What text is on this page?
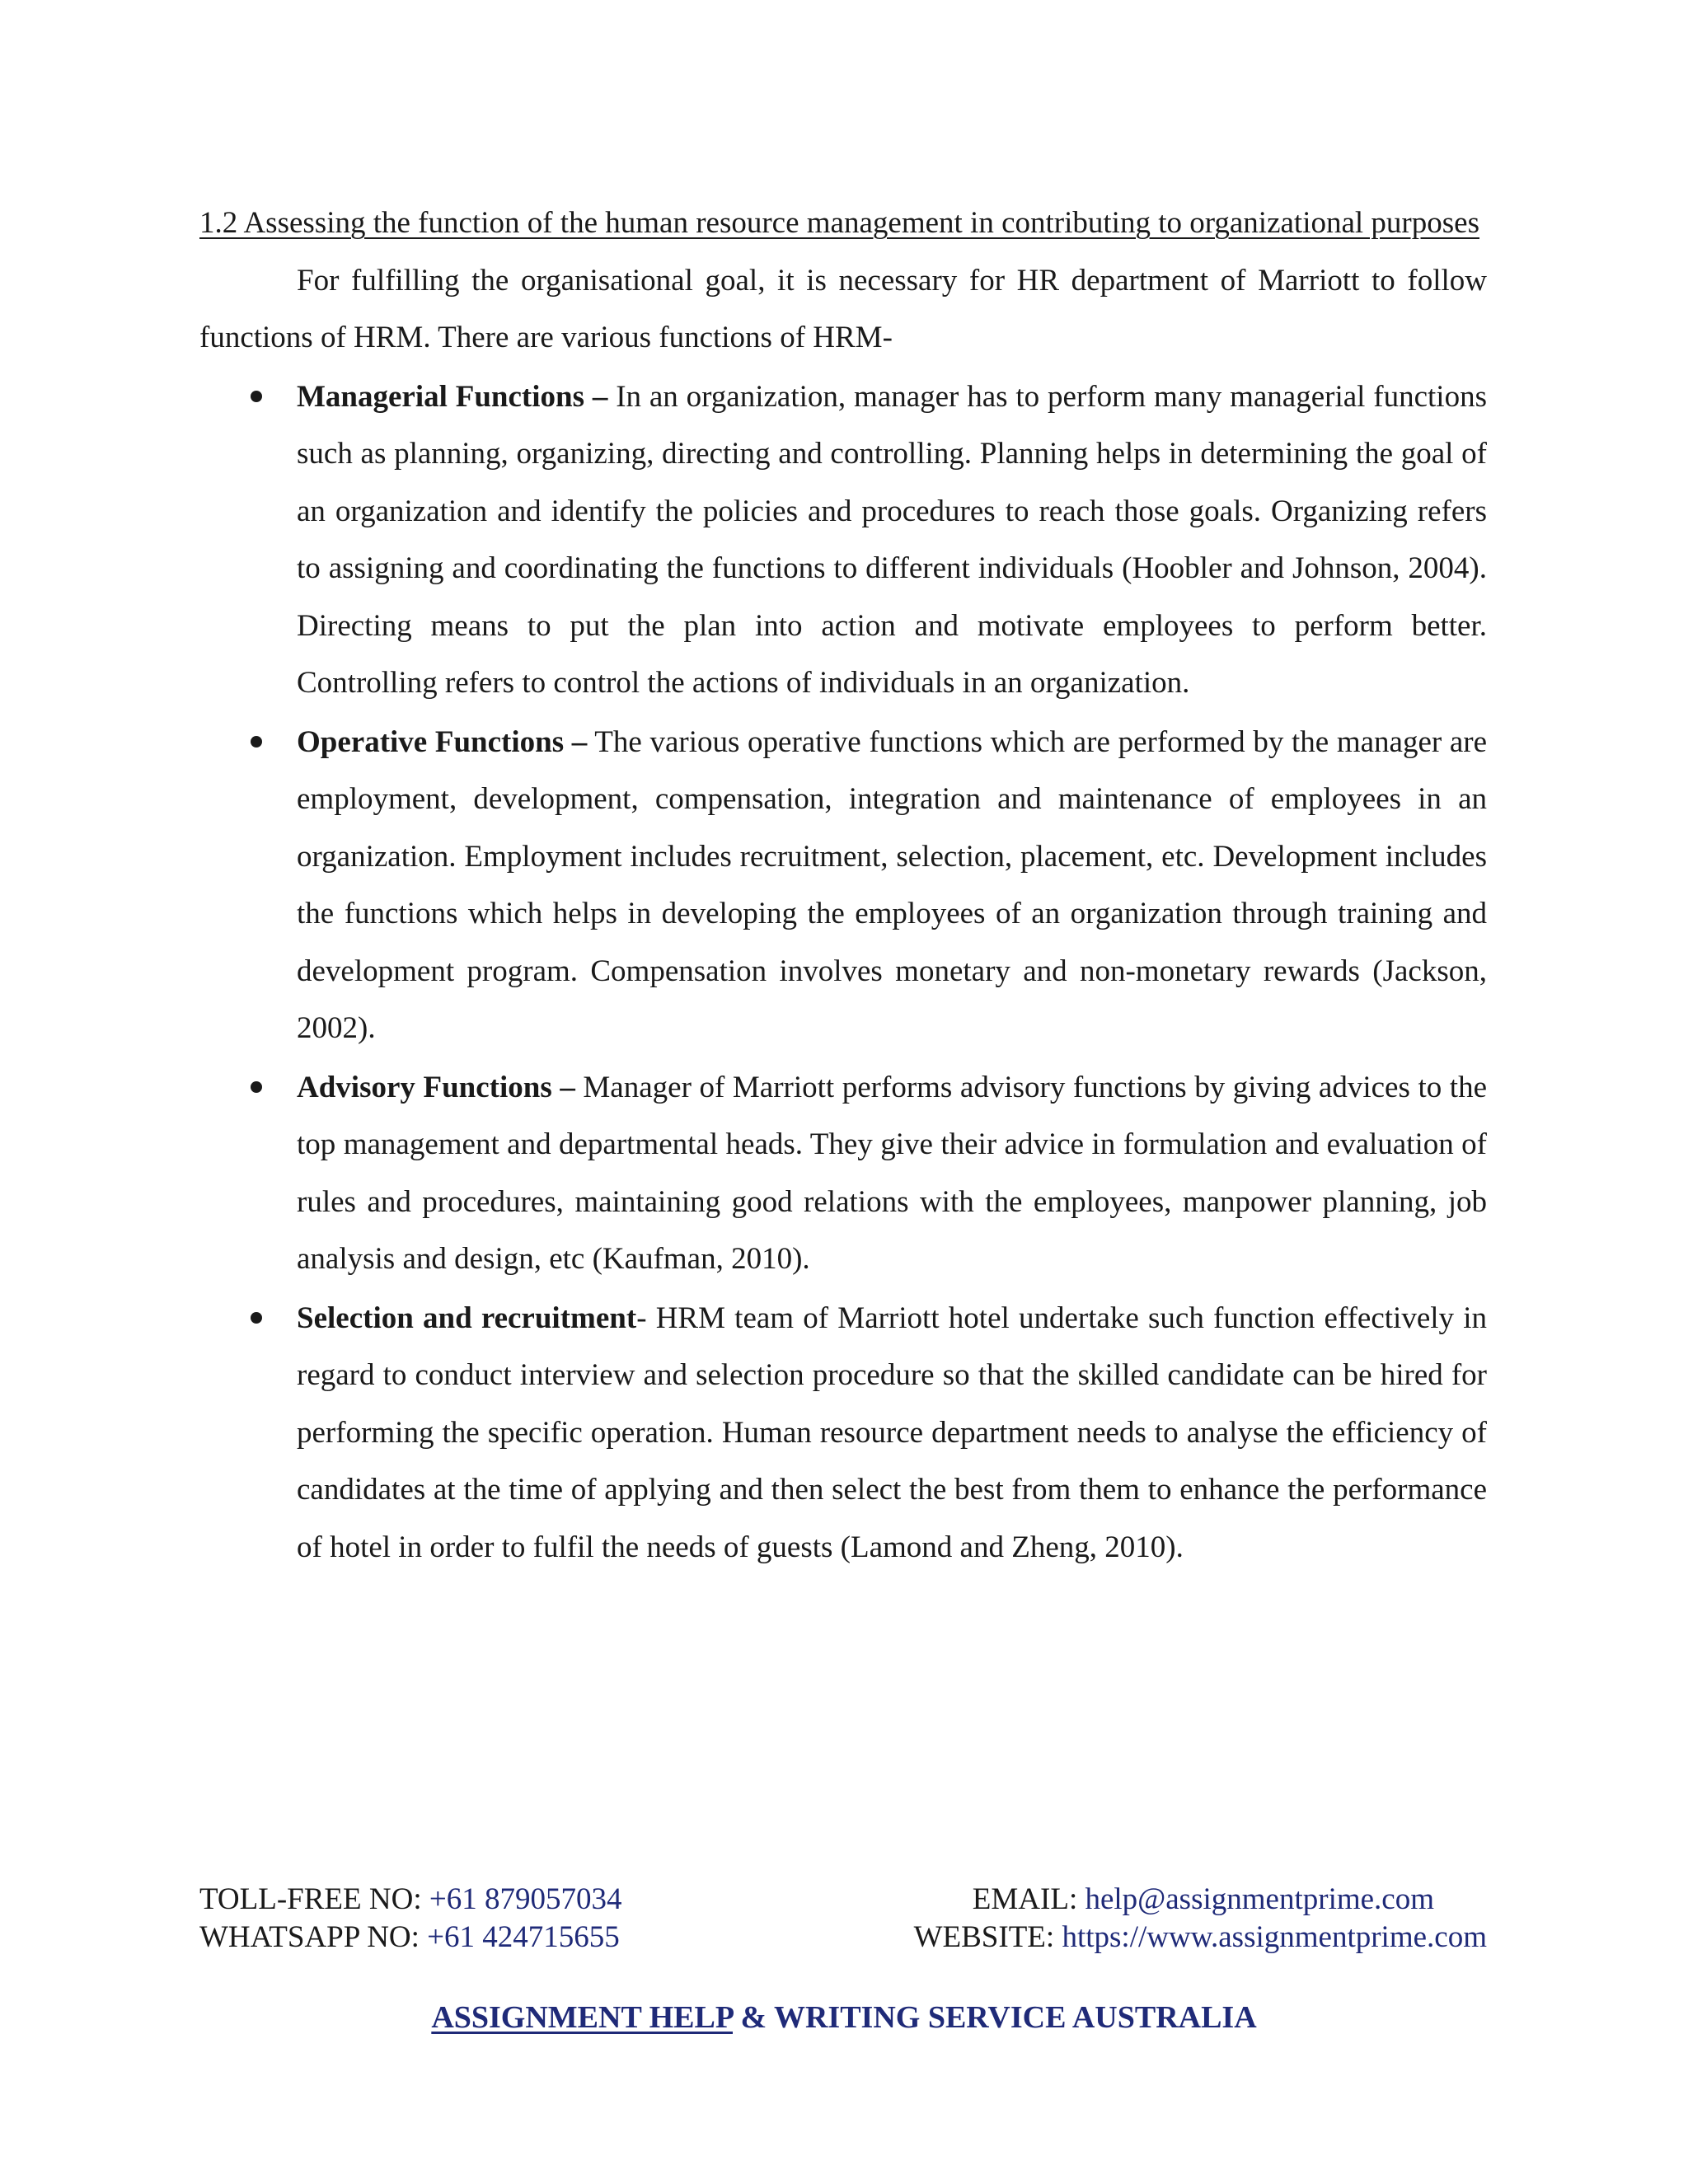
1.2 Assessing the function of the human resource management in contributing to organizational purposes

For fulfilling the organisational goal, it is necessary for HR department of Marriott to follow functions of HRM. There are various functions of HRM-

Managerial Functions – In an organization, manager has to perform many managerial functions such as planning, organizing, directing and controlling. Planning helps in determining the goal of an organization and identify the policies and procedures to reach those goals. Organizing refers to assigning and coordinating the functions to different individuals (Hoobler and Johnson, 2004). Directing means to put the plan into action and motivate employees to perform better. Controlling refers to control the actions of individuals in an organization.
Operative Functions – The various operative functions which are performed by the manager are employment, development, compensation, integration and maintenance of employees in an organization. Employment includes recruitment, selection, placement, etc. Development includes the functions which helps in developing the employees of an organization through training and development program. Compensation involves monetary and non-monetary rewards (Jackson, 2002).
Advisory Functions – Manager of Marriott performs advisory functions by giving advices to the top management and departmental heads. They give their advice in formulation and evaluation of rules and procedures, maintaining good relations with the employees, manpower planning, job analysis and design, etc (Kaufman, 2010).
Selection and recruitment- HRM team of Marriott hotel undertake such function effectively in regard to conduct interview and selection procedure so that the skilled candidate can be hired for performing the specific operation. Human resource department needs to analyse the efficiency of candidates at the time of applying and then select the best from them to enhance the performance of hotel in order to fulfil the needs of guests (Lamond and Zheng, 2010).
TOLL-FREE NO: +61 879057034	EMAIL: help@assignmentprime.com
WHATSAPP NO: +61 424715655	WEBSITE: https://www.assignmentprime.com
ASSIGNMENT HELP & WRITING SERVICE AUSTRALIA
